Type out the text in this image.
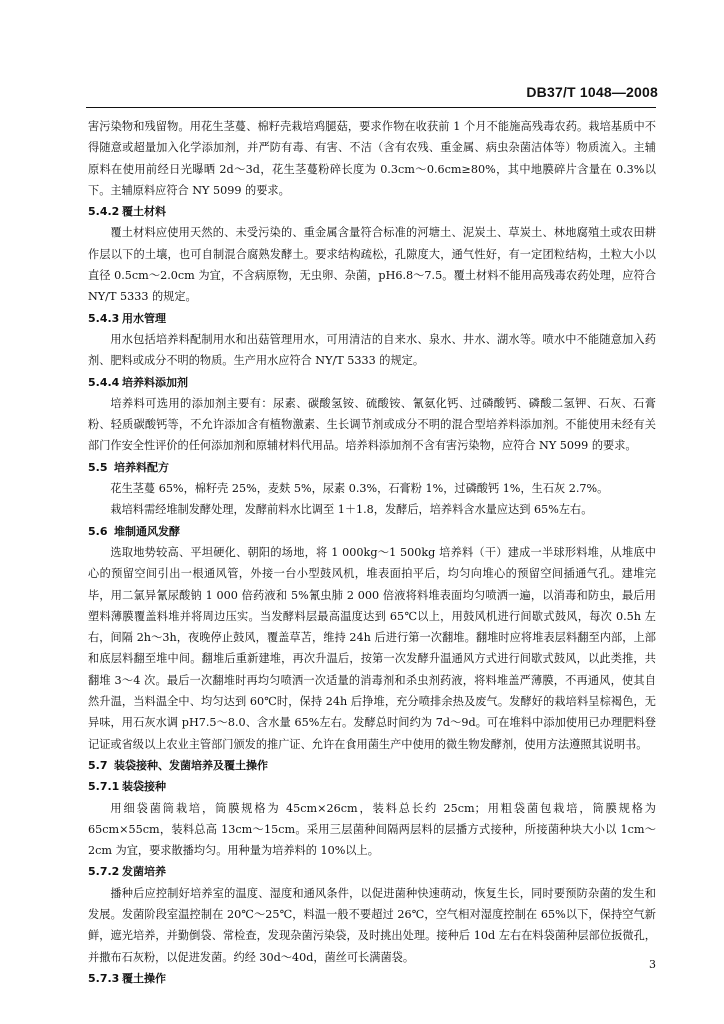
DB37/T 1048—2008

害污染物和残留物。用花生茎蔓、棉籽壳栽培鸡腿菇，要求作物在收获前 1 个月不能施高残毒农药。栽培基质中不得随意或超量加入化学添加剂，并严防有毒、有害、不洁（含有农残、重金属、病虫杂菌洁体等）物质流入。主辅原料在使用前经日光曝晒 2d～3d，花生茎蔓粉碎长度为 0.3cm～0.6cm≥80%，其中地膜碎片含量在 0.3%以下。主辅原料应符合 NY 5099 的要求。

5.4.2 覆土材料

覆土材料应使用天然的、未受污染的、重金属含量符合标准的河塘土、泥炭土、草炭土、林地腐殖土或农田耕作层以下的土壤，也可自制混合腐熟发酵土。要求结构疏松，孔隙度大，通气性好，有一定团粒结构，土粒大小以直径 0.5cm～2.0cm 为宜，不含病原物，无虫卵、杂菌，pH6.8～7.5。覆土材料不能用高残毒农药处理，应符合 NY/T 5333 的规定。

5.4.3 用水管理

用水包括培养料配制用水和出菇管理用水，可用清洁的自来水、泉水、井水、湖水等。喷水中不能随意加入药剂、肥料或成分不明的物质。生产用水应符合 NY/T 5333 的规定。

5.4.4 培养料添加剂

培养料可选用的添加剂主要有：尿素、碳酸氢铵、硫酸铵、氰氨化钙、过磷酸钙、磷酸二氢钾、石灰、石膏粉、轻质碳酸钙等，不允许添加含有植物激素、生长调节剂或成分不明的混合型培养料添加剂。不能使用未经有关部门作安全性评价的任何添加剂和原辅材料代用品。培养料添加剂不含有害污染物，应符合 NY 5099 的要求。

5.5 培养料配方

花生茎蔓 65%，棉籽壳 25%，麦麸 5%，尿素 0.3%，石膏粉 1%，过磷酸钙 1%，生石灰 2.7%。

栽培料需经堆制发酵处理，发酵前料水比调至 1＋1.8，发酵后，培养料含水量应达到 65%左右。

5.6 堆制通风发酵

选取地势较高、平坦硬化、朝阳的场地，将 1 000kg～1 500kg 培养料（干）建成一半球形料堆，从堆底中心的预留空间引出一根通风管，外接一台小型鼓风机，堆表面拍平后，均匀向堆心的预留空间插通气孔。建堆完毕，用二氯异氰尿酸钠 1 000 倍药液和 5%氰虫肺 2 000 倍液将料堆表面均匀喷洒一遍，以消毒和防虫，最后用塑料薄膜覆盖料堆并将周边压实。当发酵料层最高温度达到 65℃以上，用鼓风机进行间歇式鼓风，每次 0.5h 左右，间隔 2h～3h，夜晚停止鼓风，覆盖草苫，维持 24h 后进行第一次翻堆。翻堆时应将堆表层料翻至内部，上部和底层料翻至堆中间。翻堆后重新建堆，再次升温后，按第一次发酵升温通风方式进行间歇式鼓风，以此类推，共翻堆 3～4 次。最后一次翻堆时再均匀喷洒一次适量的消毒剂和杀虫剂药液，将料堆盖严薄膜，不再通风，使其自然升温，当料温全中、均匀达到 60℃时，保持 24h 后挣堆，充分喷排余热及废气。发酵好的栽培料呈棕褐色，无异味，用石灰水调 pH7.5～8.0、含水量 65%左右。发酵总时间约为 7d～9d。可在堆料中添加使用已办理肥料登记证或省级以上农业主管部门颁发的推广证、允许在食用菌生产中使用的微生物发酵剂，使用方法遵照其说明书。

5.7 装袋接种、发菌培养及覆土操作

5.7.1 装袋接种

用细袋菌筒栽培，筒膜规格为 45cm×26cm，装料总长约 25cm；用粗袋菌包栽培，筒膜规格为 65cm×55cm，装料总高 13cm～15cm。采用三层菌种间隔两层料的层播方式接种，所接菌种块大小以 1cm～2cm 为宜，要求散播均匀。用种量为培养料的 10%以上。

5.7.2 发菌培养

播种后应控制好培养室的温度、湿度和通风条件，以促进菌种快速萌动，恢复生长，同时要预防杂菌的发生和发展。发菌阶段室温控制在 20℃～25℃，料温一般不要超过 26℃，空气相对湿度控制在 65%以下，保持空气新鲜，遮光培养，并勤倒袋、常检查，发现杂菌污染袋，及时挑出处理。接种后 10d 左右在料袋菌种层部位扳微孔，并撒布石灰粉，以促进发菌。约经 30d～40d，菌丝可长满菌袋。

5.7.3 覆土操作

3
